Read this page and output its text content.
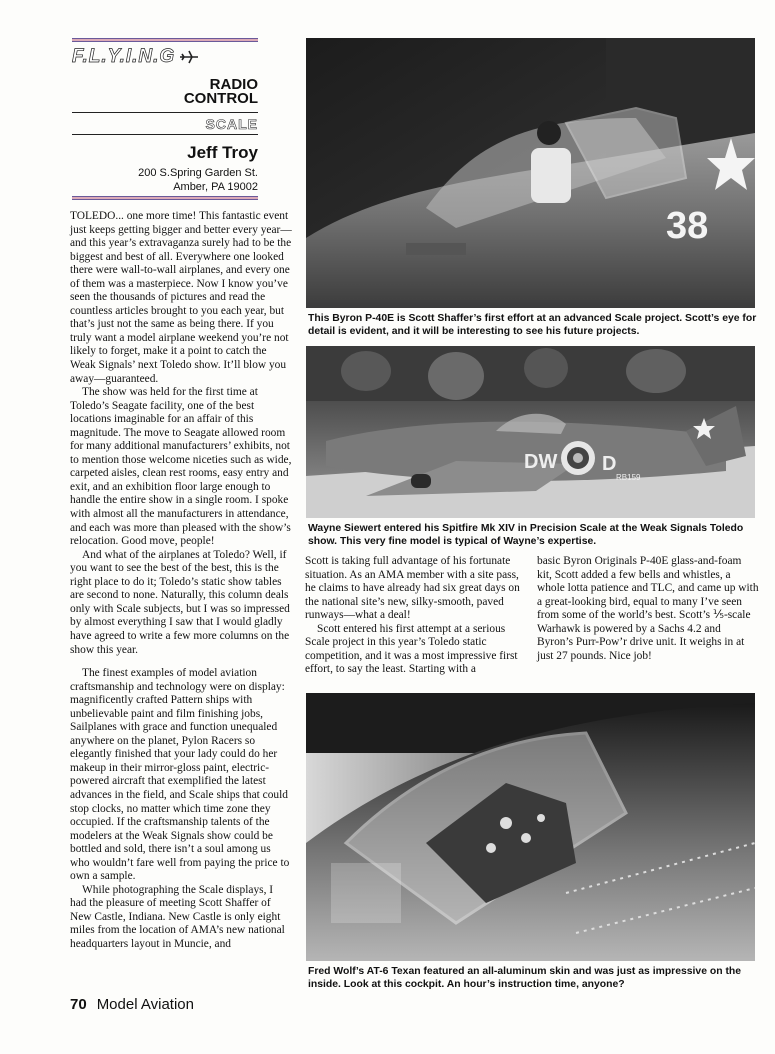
F.L.Y.I.N.G
RADIO
CONTROL
SCALE
Jeff Troy
200 S.Spring Garden St.
Amber, PA 19002

TOLEDO... one more time! This fantastic event just keeps getting bigger and better every year—and this year’s extravaganza surely had to be the biggest and best of all. Everywhere one looked there were wall-to-wall airplanes, and every one of them was a masterpiece. Now I know you’ve seen the thousands of pictures and read the countless articles brought to you each year, but that’s just not the same as being there. If you truly want a model airplane weekend you’re not likely to forget, make it a point to catch the Weak Signals’ next Toledo show. It’ll blow you away—guaranteed.

The show was held for the first time at Toledo’s Seagate facility, one of the best locations imaginable for an affair of this magnitude. The move to Seagate allowed room for many additional manufacturers’ exhibits, not to mention those welcome niceties such as wide, carpeted aisles, clean rest rooms, easy entry and exit, and an exhibition floor large enough to handle the entire show in a single room. I spoke with almost all the manufacturers in attendance, and each was more than pleased with the show’s relocation. Good move, people!

And what of the airplanes at Toledo? Well, if you want to see the best of the best, this is the right place to do it; Toledo’s static show tables are second to none. Naturally, this column deals only with Scale subjects, but I was so impressed by almost everything I saw that I would gladly have agreed to write a few more columns on the show this year.

The finest examples of model aviation craftsmanship and technology were on display: magnificently crafted Pattern ships with unbelievable paint and film finishing jobs, Sailplanes with grace and function unequaled anywhere on the planet, Pylon Racers so elegantly finished that your lady could do her makeup in their mirror-gloss paint, electric-powered aircraft that exemplified the latest advances in the field, and Scale ships that could stop clocks, no matter which time zone they occupied. If the craftsmanship talents of the modelers at the Weak Signals show could be bottled and sold, there isn’t a soul among us who wouldn’t fare well from paying the price to own a sample.

While photographing the Scale displays, I had the pleasure of meeting Scott Shaffer of New Castle, Indiana. New Castle is only eight miles from the location of AMA’s new national headquarters layout in Muncie, and

38
This Byron P-40E is Scott Shaffer’s first effort at an advanced Scale project. Scott’s eye for detail is evident, and it will be interesting to see his future projects.
DW D
RB159
Wayne Siewert entered his Spitfire Mk XIV in Precision Scale at the Weak Signals Toledo show. This very fine model is typical of Wayne’s expertise.

Scott is taking full advantage of his fortunate situation. As an AMA member with a site pass, he claims to have already had six great days on the national site’s new, silky-smooth, paved runways—what a deal!

Scott entered his first attempt at a serious Scale project in this year’s Toledo static competition, and it was a most impressive first effort, to say the least. Starting with a

basic Byron Originals P-40E glass-and-foam kit, Scott added a few bells and whistles, a whole lotta patience and TLC, and came up with a great-looking bird, equal to many I’ve seen from some of the world’s best. Scott’s ⅕-scale Warhawk is powered by a Sachs 4.2 and Byron’s Purr-Pow’r drive unit. It weighs in at just 27 pounds. Nice job!

Fred Wolf’s AT-6 Texan featured an all-aluminum skin and was just as impressive on the inside. Look at this cockpit. An hour’s instruction time, anyone?
70 Model Aviation
